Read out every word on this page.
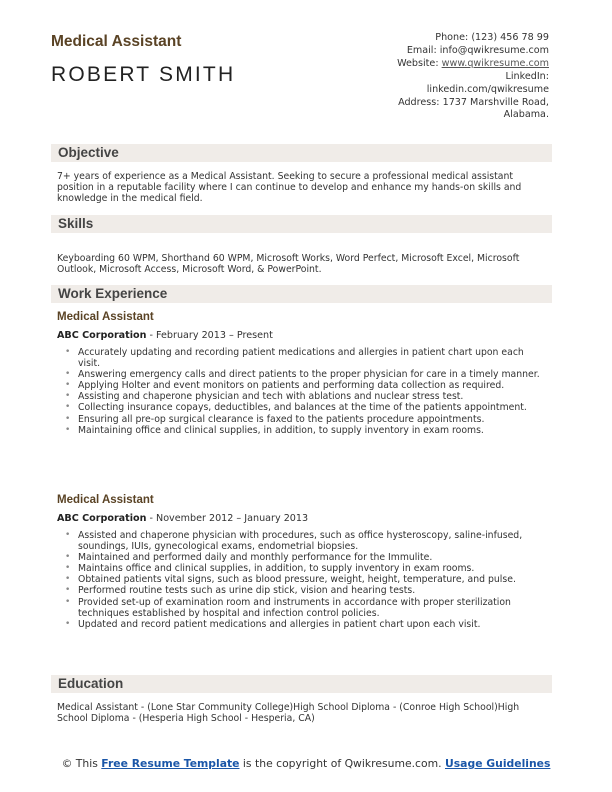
Medical Assistant
ROBERT SMITH
Phone: (123) 456 78 99
Email: info@qwikresume.com
Website: www.qwikresume.com
LinkedIn:
linkedin.com/qwikresume
Address: 1737 Marshville Road,
Alabama.
Objective
7+ years of experience as a Medical Assistant. Seeking to secure a professional medical assistant position in a reputable facility where I can continue to develop and enhance my hands-on skills and knowledge in the medical field.
Skills
Keyboarding 60 WPM, Shorthand 60 WPM, Microsoft Works, Word Perfect, Microsoft Excel, Microsoft Outlook, Microsoft Access, Microsoft Word, & PowerPoint.
Work Experience
Medical Assistant
ABC Corporation - February 2013 – Present
• Accurately updating and recording patient medications and allergies in patient chart upon each visit.
• Answering emergency calls and direct patients to the proper physician for care in a timely manner.
• Applying Holter and event monitors on patients and performing data collection as required.
• Assisting and chaperone physician and tech with ablations and nuclear stress test.
• Collecting insurance copays, deductibles, and balances at the time of the patients appointment.
• Ensuring all pre-op surgical clearance is faxed to the patients procedure appointments.
• Maintaining office and clinical supplies, in addition, to supply inventory in exam rooms.
Medical Assistant
ABC Corporation - November 2012 – January 2013
• Assisted and chaperone physician with procedures, such as office hysteroscopy, saline-infused, soundings, IUIs, gynecological exams, endometrial biopsies.
• Maintained and performed daily and monthly performance for the Immulite.
• Maintains office and clinical supplies, in addition, to supply inventory in exam rooms.
• Obtained patients vital signs, such as blood pressure, weight, height, temperature, and pulse.
• Performed routine tests such as urine dip stick, vision and hearing tests.
• Provided set-up of examination room and instruments in accordance with proper sterilization techniques established by hospital and infection control policies.
• Updated and record patient medications and allergies in patient chart upon each visit.
Education
Medical Assistant - (Lone Star Community College)High School Diploma - (Conroe High School)High School Diploma - (Hesperia High School - Hesperia, CA)
© This Free Resume Template is the copyright of Qwikresume.com. Usage Guidelines
